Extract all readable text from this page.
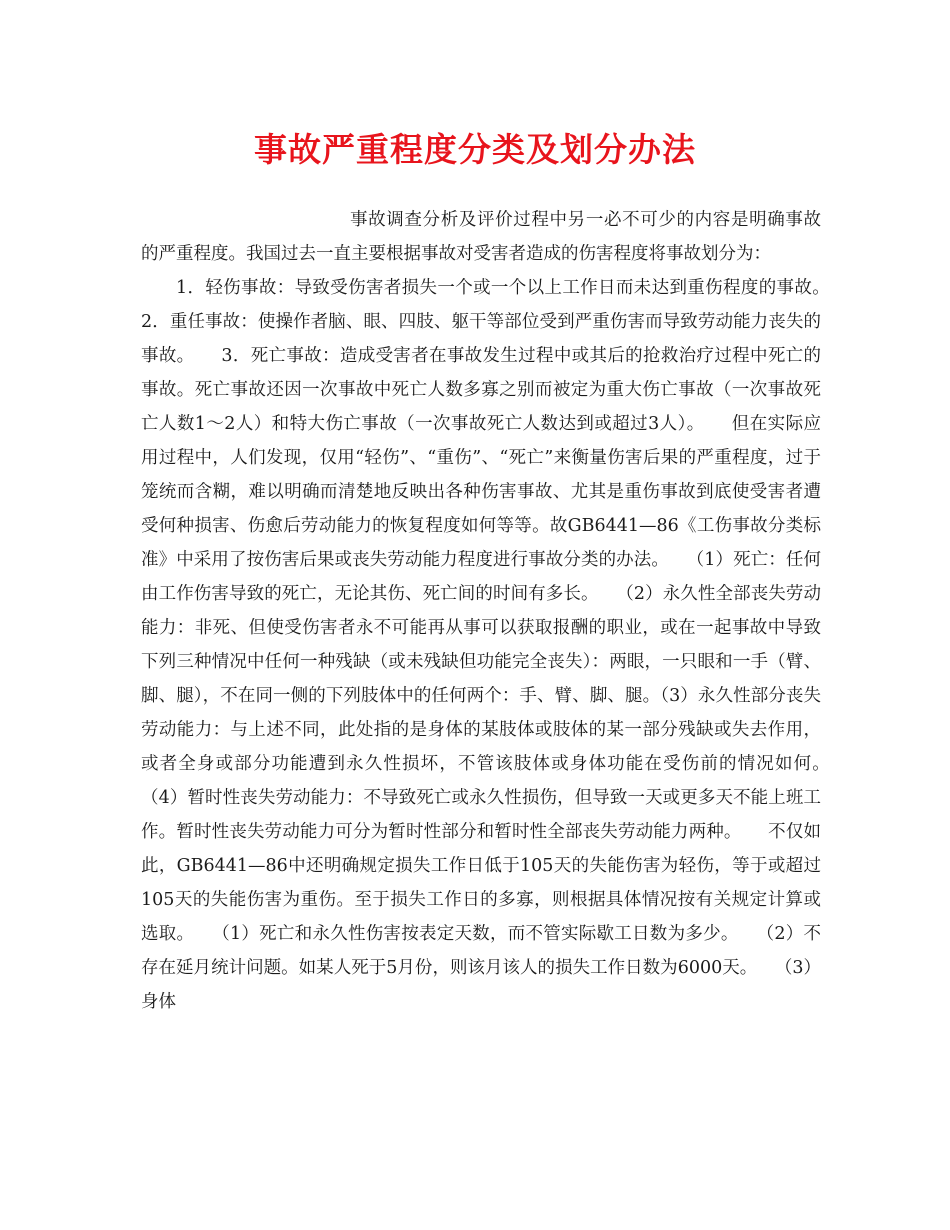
事故严重程度分类及划分办法

事故调查分析及评价过程中另一必不可少的内容是明确事故的严重程度。我国过去一直主要根据事故对受害者造成的伤害程度将事故划分为：

1．轻伤事故：导致受伤害者损失一个或一个以上工作日而未达到重伤程度的事故。　　2．重任事故：使操作者脑、眼、四肢、躯干等部位受到严重伤害而导致劳动能力丧失的事故。　　3．死亡事故：造成受害者在事故发生过程中或其后的抢救治疗过程中死亡的事故。死亡事故还因一次事故中死亡人数多寡之别而被定为重大伤亡事故（一次事故死亡人数1～2人）和特大伤亡事故（一次事故死亡人数达到或超过3人）。　　但在实际应用过程中，人们发现，仅用“轻伤”、“重伤”、“死亡”来衡量伤害后果的严重程度，过于笼统而含糊，难以明确而清楚地反映出各种伤害事故、尤其是重伤事故到底使受害者遭受何种损害、伤愈后劳动能力的恢复程度如何等等。故GB6441—86《工伤事故分类标准》中采用了按伤害后果或丧失劳动能力程度进行事故分类的办法。　　（1）死亡：任何由工作伤害导致的死亡，无论其伤、死亡间的时间有多长。　　（2）永久性全部丧失劳动能力：非死、但使受伤害者永不可能再从事可以获取报酬的职业，或在一起事故中导致下列三种情况中任何一种残缺（或未残缺但功能完全丧失）：两眼，一只眼和一手（臂、脚、腿），不在同一侧的下列肢体中的任何两个：手、臂、脚、腿。（3）永久性部分丧失劳动能力：与上述不同，此处指的是身体的某肢体或肢体的某一部分残缺或失去作用，或者全身或部分功能遭到永久性损坏，不管该肢体或身体功能在受伤前的情况如何。　　（4）暂时性丧失劳动能力：不导致死亡或永久性损伤，但导致一天或更多天不能上班工作。暂时性丧失劳动能力可分为暂时性部分和暂时性全部丧失劳动能力两种。　　不仅如此，GB6441—86中还明确规定损失工作日低于105天的失能伤害为轻伤，等于或超过105天的失能伤害为重伤。至于损失工作日的多寡，则根据具体情况按有关规定计算或选取。　　（1）死亡和永久性伤害按表定天数，而不管实际歇工日数为多少。　　（2）不存在延月统计问题。如某人死于5月份，则该月该人的损失工作日数为6000天。　　（3）身体
